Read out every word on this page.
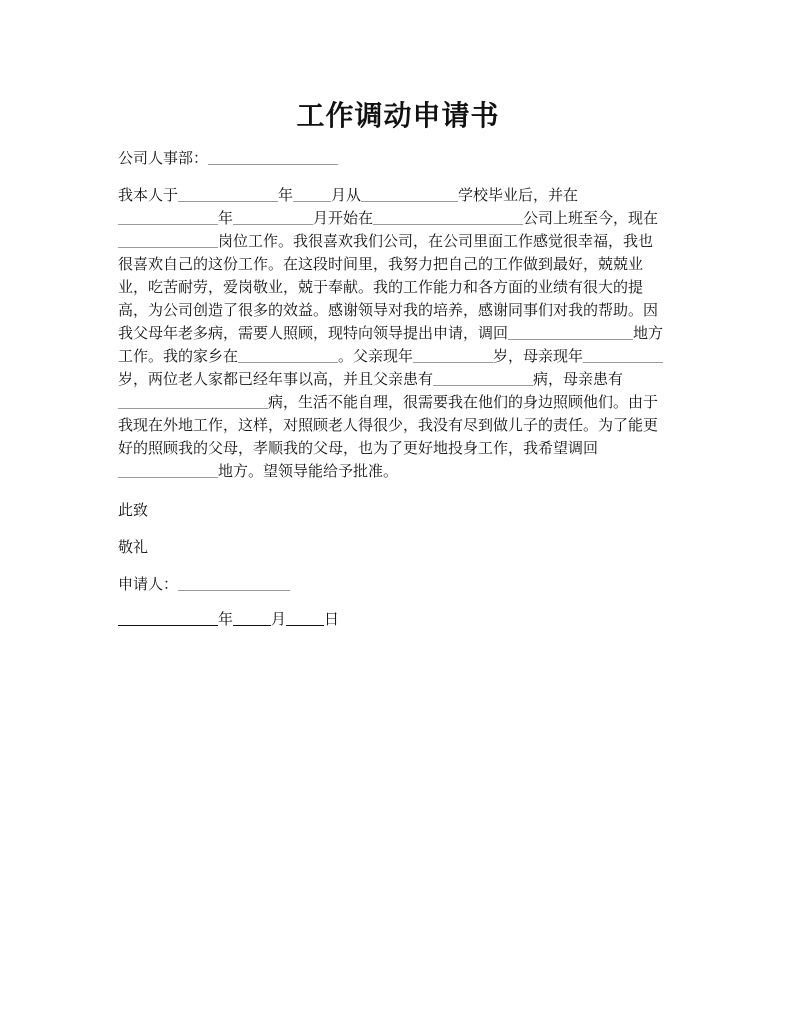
工作调动申请书

公司人事部：

我本人于	年	月从	学校毕业后，并在

年	月开始在	公司上班至今，现在

岗位工作。我很喜欢我们公司，在公司里面工作感觉很幸福，我也

很喜欢自己的这份工作。在这段时间里，我努力把自己的工作做到最好，兢兢业

业，吃苦耐劳，爱岗敬业，兢于奉献。我的工作能力和各方面的业绩有很大的提

高，为公司创造了很多的效益。感谢领导对我的培养，感谢同事们对我的帮助。因

我父母年老多病，需要人照顾，现特向领导提出申请，调回	地方

工作。我的家乡在	。父亲现年	岁，母亲现年

岁，两位老人家都已经年事以高，并且父亲患有	病，母亲患有

病，生活不能自理，很需要我在他们的身边照顾他们。由于

我现在外地工作，这样，对照顾老人得很少，我没有尽到做儿子的责任。为了能更

好的照顾我的父母，孝顺我的父母，也为了更好地投身工作，我希望调回

地方。望领导能给予批准。

此致

敬礼

申请人：

年	月	日
